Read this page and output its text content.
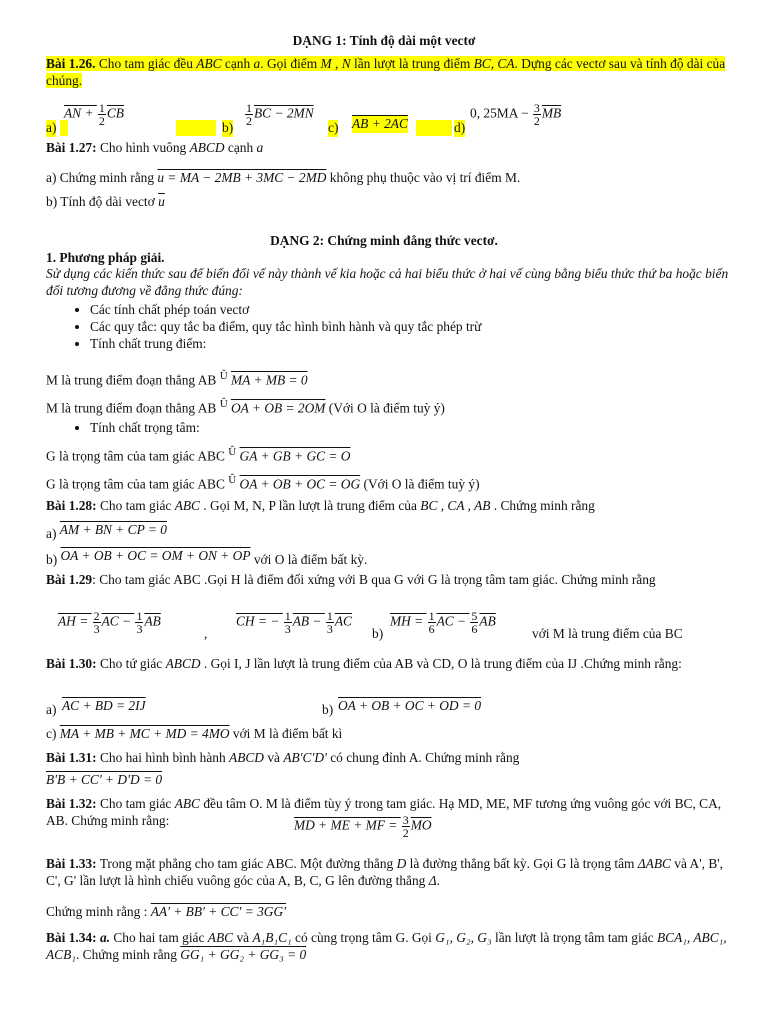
DẠNG 1: Tính độ dài một vectơ
Bài 1.26. Cho tam giác đều ABC cạnh a. Gọi điểm M , N lần lượt là trung điểm BC, CA. Dựng các vectơ sau và tính độ dài của chúng.
a)
AN + $\frac{1}{2} \overline{CB}$
b)
$\frac{1}{2}$ BC − 2MN
c) AB + 2AC	d)
0, $25MA - \frac{3}{2} \overline{MB}$
Bài 1.27: Cho hình vuông ABCD cạnh a
a) Chứng minh rằng u = MA − 2MB + 3MC − 2MD không phụ thuộc vào vị trí điểm M.
b) Tính độ dài vectơ $\overline{u}$
DẠNG 2: Chứng minh đẳng thức vectơ.
1. Phương pháp giải.
Sử dụng các kiến thức sau để biến đổi vế này thành vế kia hoặc cả hai biểu thức ở hai vế cùng bằng biểu thức thứ ba hoặc biến đổi tương đương về đẳng thức đúng:
• Các tính chất phép toán vectơ
• Các quy tắc: quy tắc ba điểm, quy tắc hình bình hành và quy tắc phép trừ
• Tính chất trung điểm:
M là trung điểm đoạn thẳng AB $^Û$ MA + MB = 0
M là trung điểm đoạn thẳng AB $^Û$ OA + OB = 2OM (Với O là điểm tuỳ ý)
• Tính chất trọng tâm:
G là trọng tâm của tam giác ABC $^Û$ GA + GB + GC = O
G là trọng tâm của tam giác ABC $^Û$ OA + OB + OC = OG (Với O là điểm tuỳ ý)
Bài 1.28: Cho tam giác ABC . Gọi M, N, P lần lượt là trung điểm của BC , CA , AB . Chứng minh rằng
a) AM + BN + CP = 0
b) OA + OB + OC = OM + ON + OP với O là điểm bất kỳ.
Bài 1.29: Cho tam giác ABC .Gọi H là điểm đối xứng với B qua G với G là trọng tâm tam giác. Chứng minh rằng
AH = $\frac{2}{3}$ AC − $\frac{1}{3} \overline{AB}$
,
CH = − $\frac{1}{3}$ AB − $\frac{1}{3} \overline{AC}$
b)
MH = $\frac{1}{6}$ AC − $\frac{5}{6} \overline{AB}$
với M là trung điểm của BC
Bài 1.30: Cho tứ giác ABCD . Gọi I, J lần lượt là trung điểm của AB và CD, O là trung điểm của IJ .Chứng minh rằng:
a) AC + BD = 2IJ	b) OA + OB + OC + OD = 0
c) MA + MB + MC + MD = 4MO với M là điểm bất kì
Bài 1.31: Cho hai hình bình hành ABCD và AB'C'D' có chung đỉnh A. Chứng minh rằng
B'B + CC' + D'D = 0
Bài 1.32: Cho tam giác ABC đều tâm O. M là điểm tùy ý trong tam giác. Hạ MD, ME, MF tương ứng vuông góc với BC, CA, AB. Chứng minh rằng:	MD + ME + MF = $\frac{3}{2} \overline{MO}$
Bài 1.33: Trong mặt phẳng cho tam giác ABC. Một đường thẳng D là đường thẳng bất kỳ. Gọi G là trọng tâm ΔABC và A', B', C', G' lần lượt là hình chiếu vuông góc của A, B, C, G lên đường thẳng Δ.
Chứng minh rằng : AA' + BB' + CC' = 3GG'
Bài 1.34: a. Cho hai tam giác ABC và A₁B₁C₁ có cùng trọng tâm G. Gọi G₁, G₂, G₃ lần lượt là trọng tâm tam giác BCA₁, ABC₁, ACB₁. Chứng minh rằng GG₁ + GG₂ + GG₃ = 0
